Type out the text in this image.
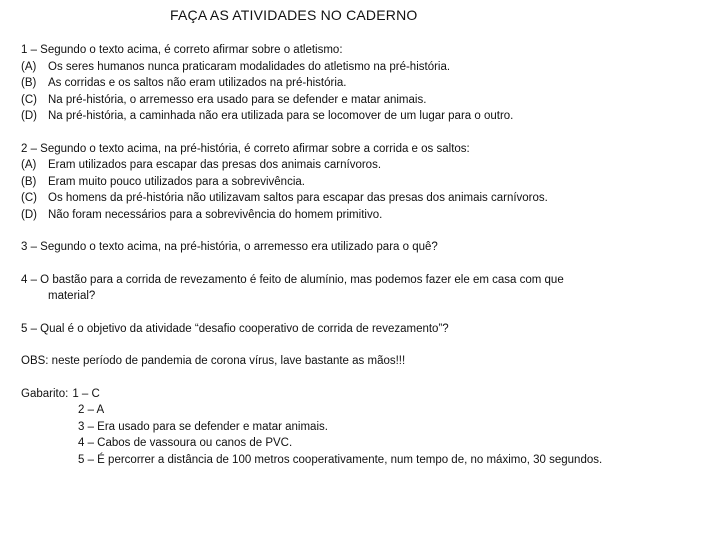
FAÇA AS ATIVIDADES NO CADERNO
1 – Segundo o texto acima, é correto afirmar sobre o atletismo:
(A)	Os seres humanos nunca praticaram modalidades do atletismo na pré-história.
(B)	As corridas e os saltos não eram utilizados na pré-história.
(C) Na pré-história, o arremesso era usado para se defender e matar animais.
(D) Na pré-história, a caminhada não era utilizada para se locomover de um lugar para o outro.
2 – Segundo o texto acima, na pré-história, é correto afirmar sobre a corrida e os saltos:
(A)	Eram utilizados para escapar das presas dos animais carnívoros.
(B)	Eram muito pouco utilizados para a sobrevivência.
(C) Os homens da pré-história não utilizavam saltos para escapar das presas dos animais carnívoros.
(D) Não foram necessários para a sobrevivência do homem primitivo.
3 – Segundo o texto acima, na pré-história, o arremesso era utilizado para o quê?
4 – O bastão para a corrida de revezamento é feito de alumínio, mas podemos fazer ele em casa com que
material?
5 – Qual é o objetivo da atividade “desafio cooperativo de corrida de revezamento”?
OBS: neste período de pandemia de corona vírus, lave bastante as mãos!!!
Gabarito: 1 – C
2 – A
3 – Era usado para se defender e matar animais.
4 – Cabos de vassoura ou canos de PVC.
5 – É percorrer a distância de 100 metros cooperativamente, num tempo de, no máximo, 30 segundos.
